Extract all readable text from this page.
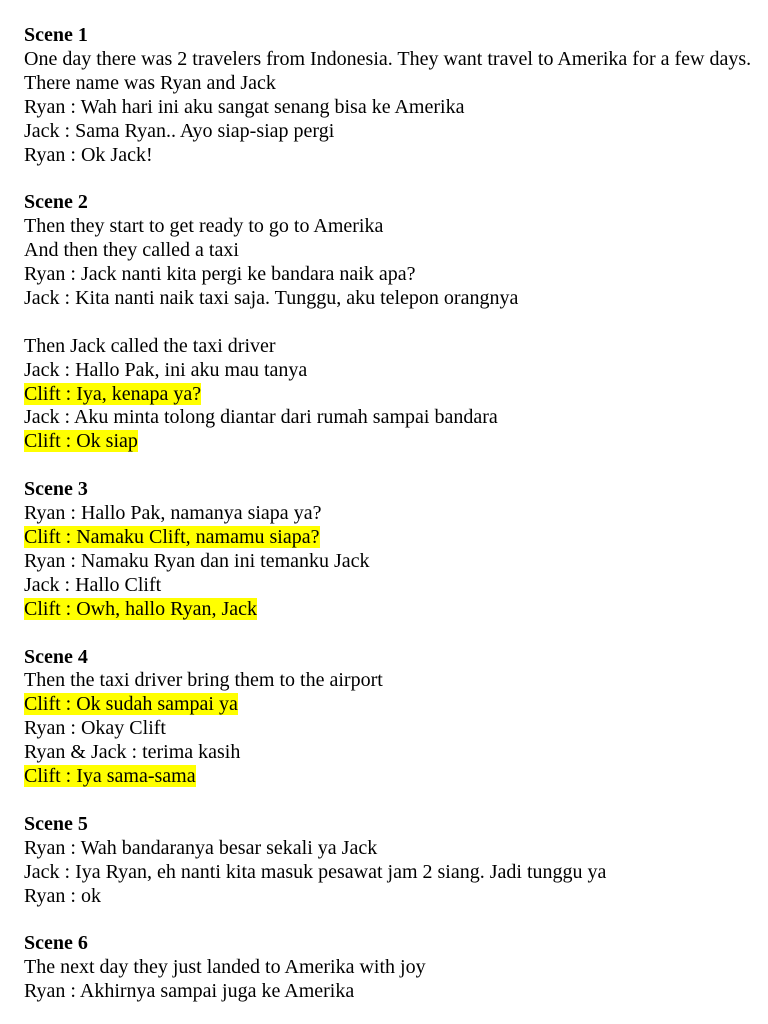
Scene 1
One day there was 2 travelers from Indonesia. They want travel to Amerika for a few days. There name was Ryan and Jack
Ryan : Wah hari ini aku sangat senang bisa ke Amerika
Jack : Sama Ryan.. Ayo siap-siap pergi
Ryan : Ok Jack!
Scene 2
Then they start to get ready to go to Amerika
And then they called a taxi
Ryan : Jack nanti kita pergi ke bandara naik apa?
Jack : Kita nanti naik taxi saja. Tunggu, aku telepon orangnya
Then Jack called the taxi driver
Jack : Hallo Pak, ini aku mau tanya
Clift : Iya, kenapa ya?
Jack : Aku minta tolong diantar dari rumah sampai bandara
Clift : Ok siap
Scene 3
Ryan : Hallo Pak, namanya siapa ya?
Clift : Namaku Clift, namamu siapa?
Ryan : Namaku Ryan dan ini temanku Jack
Jack : Hallo Clift
Clift : Owh, hallo Ryan, Jack
Scene 4
Then the taxi driver bring them to the airport
Clift : Ok sudah sampai ya
Ryan : Okay Clift
Ryan & Jack : terima kasih
Clift : Iya sama-sama
Scene 5
Ryan : Wah bandaranya besar sekali ya Jack
Jack : Iya Ryan, eh nanti kita masuk pesawat jam 2 siang. Jadi tunggu ya
Ryan : ok
Scene 6
The next day they just landed to Amerika with joy
Ryan : Akhirnya sampai juga ke Amerika
